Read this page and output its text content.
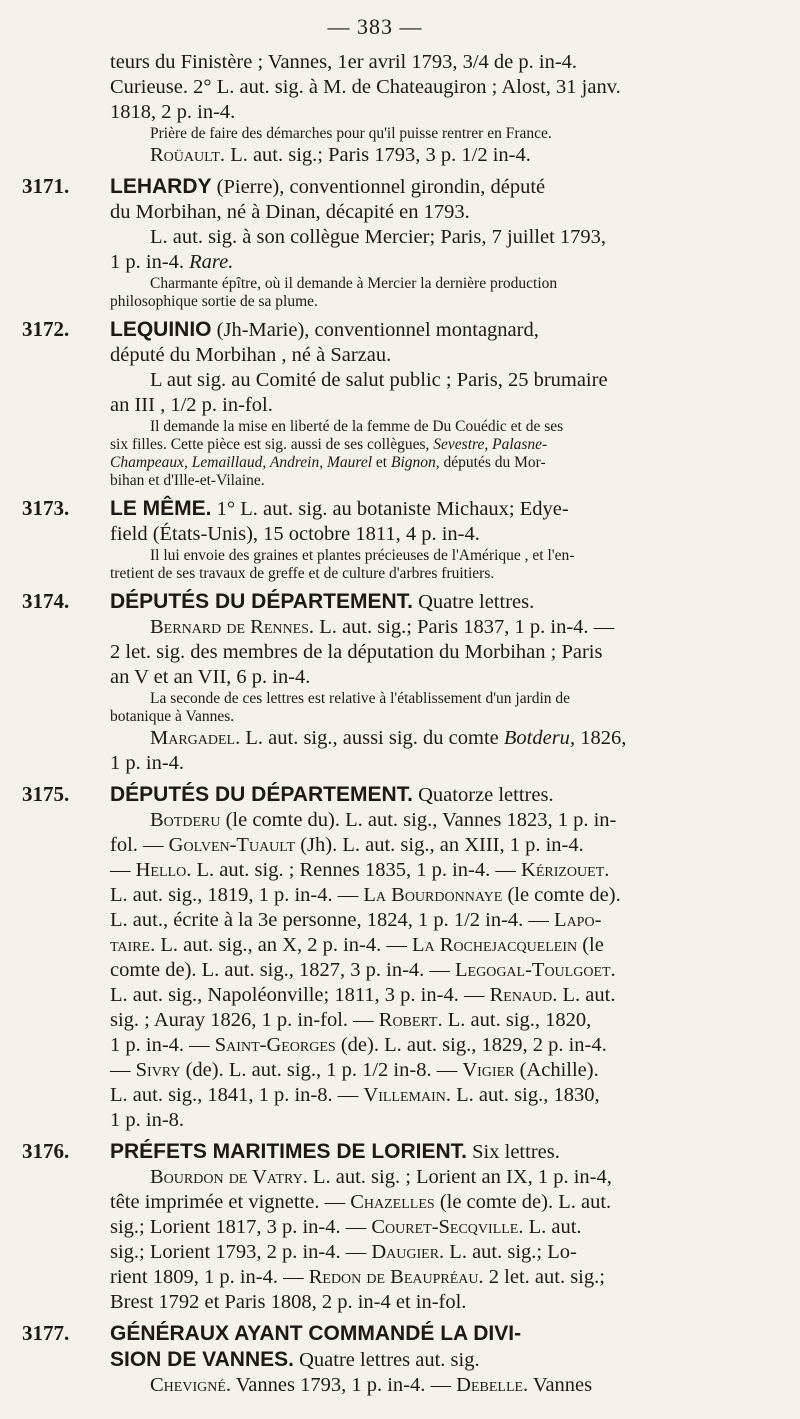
— 383 —
teurs du Finistère ; Vannes, 1er avril 1793, 3/4 de p. in-4.
Curieuse. 2° L. aut. sig. à M. de Chateaugiron ; Alost, 31 janv.
1818, 2 p. in-4.
Prière de faire des démarches pour qu'il puisse rentrer en France.
Roüault. L. aut. sig.; Paris 1793, 3 p. 1/2 in-4.
3171. LEHARDY (Pierre), conventionnel girondin, député
du Morbihan, né à Dinan, décapité en 1793.
L. aut. sig. à son collègue Mercier; Paris, 7 juillet 1793,
1 p. in-4. Rare.
Charmante épître, où il demande à Mercier la dernière production
philosophique sortie de sa plume.
3172. LEQUINIO (Jh-Marie), conventionnel montagnard,
député du Morbihan , né à Sarzau.
L aut sig. au Comité de salut public ; Paris, 25 brumaire
an III , 1/2 p. in-fol.
Il demande la mise en liberté de la femme de Du Couédic et de ses
six filles. Cette pièce est sig. aussi de ses collègues, Sevestre, Palasne-
Champeaux, Lemaillaud, Andrein, Maurel et Bignon, députés du Mor-
bihan et d'Ille-et-Vilaine.
3173. LE MÊME. 1° L. aut. sig. au botaniste Michaux; Edye-
field (États-Unis), 15 octobre 1811, 4 p. in-4.
Il lui envoie des graines et plantes précieuses de l'Amérique , et l'en-
tretient de ses travaux de greffe et de culture d'arbres fruitiers.
3174. DÉPUTÉS DU DÉPARTEMENT. Quatre lettres.
Bernard de Rennes. L. aut. sig.; Paris 1837, 1 p. in-4. —
2 let. sig. des membres de la députation du Morbihan ; Paris
an V et an VII, 6 p. in-4.
La seconde de ces lettres est relative à l'établissement d'un jardin de
botanique à Vannes.
Margadel. L. aut. sig., aussi sig. du comte Botderu, 1826,
1 p. in-4.
3175. DÉPUTÉS DU DÉPARTEMENT. Quatorze lettres.
Botderu (le comte du). L. aut. sig., Vannes 1823, 1 p. in-
fol. — Golven-Tuault (Jh). L. aut. sig., an XIII, 1 p. in-4.
— Hello. L. aut. sig. ; Rennes 1835, 1 p. in-4. — Kérizouet.
L. aut. sig., 1819, 1 p. in-4. — La Bourdonnaye (le comte de).
L. aut., écrite à la 3e personne, 1824, 1 p. 1/2 in-4. — Lapo-
taire. L. aut. sig., an X, 2 p. in-4. — La Rochejacquelein (le
comte de). L. aut. sig., 1827, 3 p. in-4. — Legogal-Toulgoet.
L. aut. sig., Napoléonville; 1811, 3 p. in-4. — Renaud. L. aut.
sig. ; Auray 1826, 1 p. in-fol. — Robert. L. aut. sig., 1820,
1 p. in-4. — Saint-Georges (de). L. aut. sig., 1829, 2 p. in-4.
— Sivry (de). L. aut. sig., 1 p. 1/2 in-8. — Vigier (Achille).
L. aut. sig., 1841, 1 p. in-8. — Villemain. L. aut. sig., 1830,
1 p. in-8.
3176. PRÉFETS MARITIMES DE LORIENT. Six lettres.
Bourdon de Vatry. L. aut. sig. ; Lorient an IX, 1 p. in-4,
tête imprimée et vignette. — Chazelles (le comte de). L. aut.
sig.; Lorient 1817, 3 p. in-4. — Couret-Secqville. L. aut.
sig.; Lorient 1793, 2 p. in-4. — Daugier. L. aut. sig.; Lo-
rient 1809, 1 p. in-4. — Redon de Beaupréau. 2 let. aut. sig.;
Brest 1792 et Paris 1808, 2 p. in-4 et in-fol.
3177. GÉNÉRAUX AYANT COMMANDÉ LA DIVI-
SION DE VANNES. Quatre lettres aut. sig.
Chevigné. Vannes 1793, 1 p. in-4. — Debelle. Vannes
